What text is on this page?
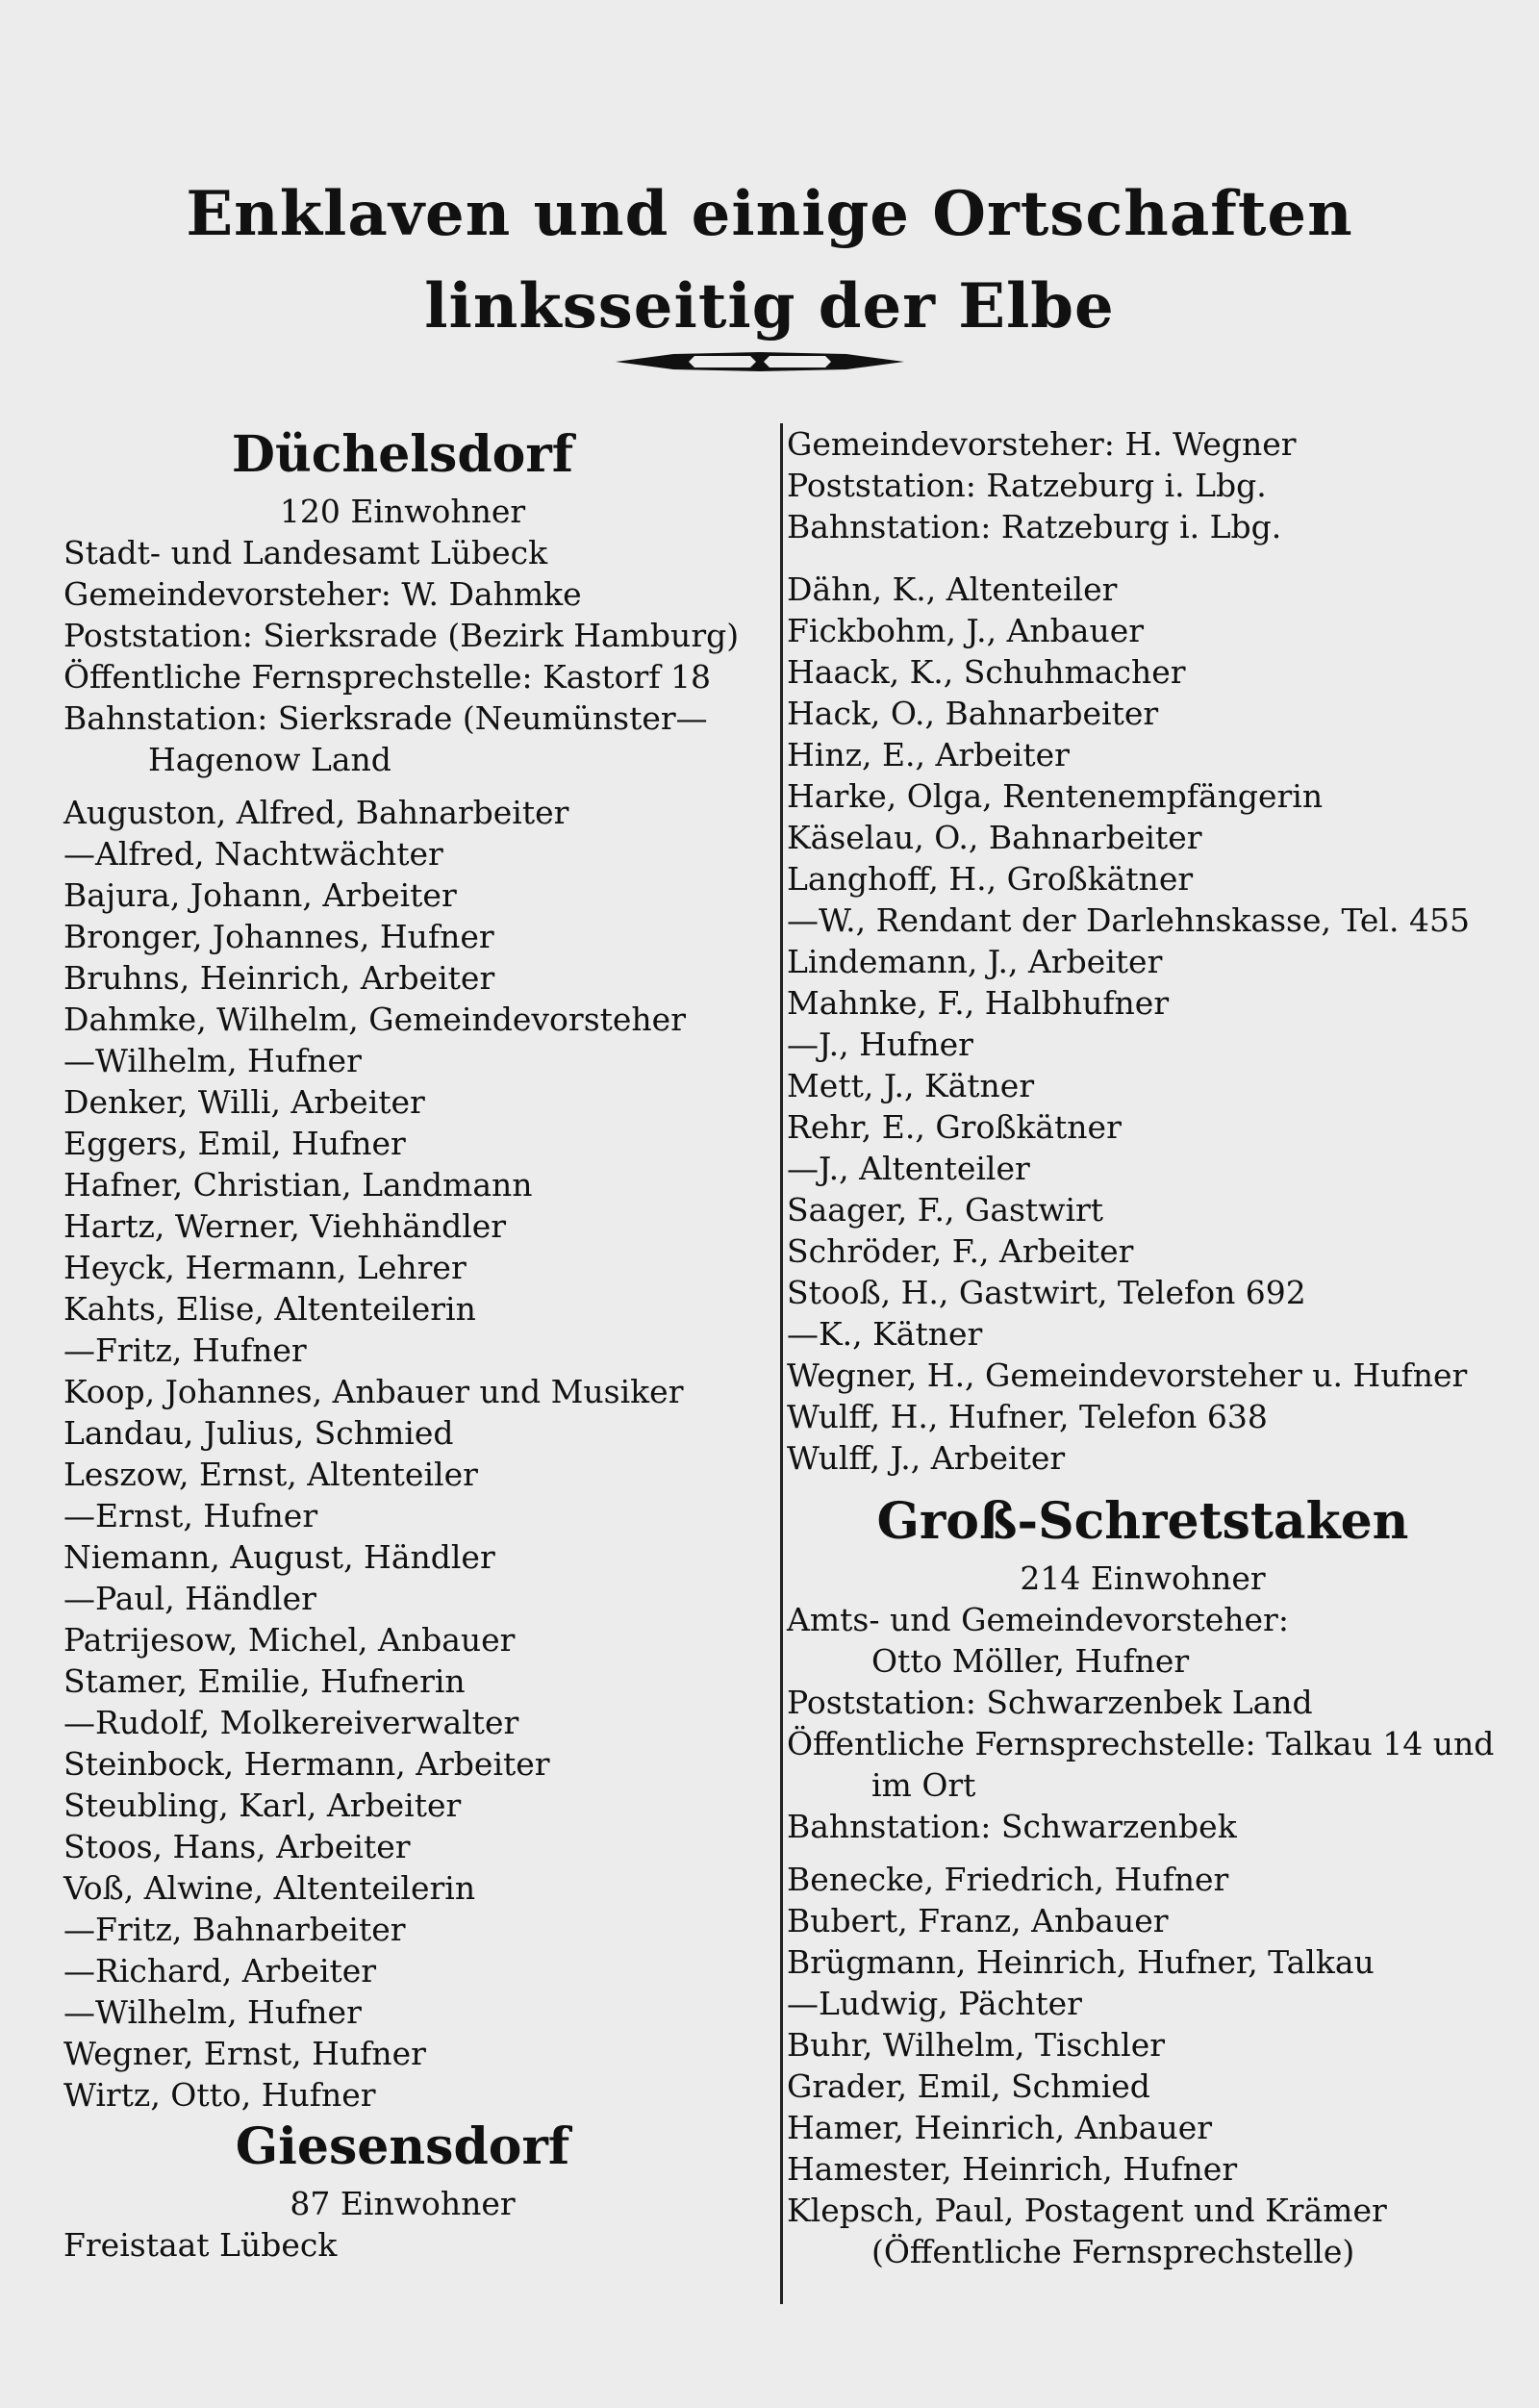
Enklaven und einige Ortschaften
linksseitig der Elbe
Düchelsdorf
120 Einwohner
Stadt- und Landesamt Lübeck
Gemeindevorsteher: W. Dahmke
Poststation: Sierksrade (Bezirk Hamburg)
Öffentliche Fernsprechstelle: Kastorf 18
Bahnstation: Sierksrade (Neumünster—
Hagenow Land
Auguston, Alfred, Bahnarbeiter
—Alfred, Nachtwächter
Bajura, Johann, Arbeiter
Bronger, Johannes, Hufner
Bruhns, Heinrich, Arbeiter
Dahmke, Wilhelm, Gemeindevorsteher
—Wilhelm, Hufner
Denker, Willi, Arbeiter
Eggers, Emil, Hufner
Hafner, Christian, Landmann
Hartz, Werner, Viehhändler
Heyck, Hermann, Lehrer
Kahts, Elise, Altenteilerin
—Fritz, Hufner
Koop, Johannes, Anbauer und Musiker
Landau, Julius, Schmied
Leszow, Ernst, Altenteiler
—Ernst, Hufner
Niemann, August, Händler
—Paul, Händler
Patrijesow, Michel, Anbauer
Stamer, Emilie, Hufnerin
—Rudolf, Molkereiverwalter
Steinbock, Hermann, Arbeiter
Steubling, Karl, Arbeiter
Stoos, Hans, Arbeiter
Voß, Alwine, Altenteilerin
—Fritz, Bahnarbeiter
—Richard, Arbeiter
—Wilhelm, Hufner
Wegner, Ernst, Hufner
Wirtz, Otto, Hufner
Giesensdorf
87 Einwohner
Freistaat Lübeck
Gemeindevorsteher: H. Wegner
Poststation: Ratzeburg i. Lbg.
Bahnstation: Ratzeburg i. Lbg.
Dähn, K., Altenteiler
Fickbohm, J., Anbauer
Haack, K., Schuhmacher
Hack, O., Bahnarbeiter
Hinz, E., Arbeiter
Harke, Olga, Rentenempfängerin
Käselau, O., Bahnarbeiter
Langhoff, H., Großkätner
—W., Rendant der Darlehnskasse, Tel. 455
Lindemann, J., Arbeiter
Mahnke, F., Halbhufner
—J., Hufner
Mett, J., Kätner
Rehr, E., Großkätner
—J., Altenteiler
Saager, F., Gastwirt
Schröder, F., Arbeiter
Stooß, H., Gastwirt, Telefon 692
—K., Kätner
Wegner, H., Gemeindevorsteher u. Hufner
Wulff, H., Hufner, Telefon 638
Wulff, J., Arbeiter
Groß-Schretstaken
214 Einwohner
Amts- und Gemeindevorsteher:
Otto Möller, Hufner
Poststation: Schwarzenbek Land
Öffentliche Fernsprechstelle: Talkau 14 und
im Ort
Bahnstation: Schwarzenbek
Benecke, Friedrich, Hufner
Bubert, Franz, Anbauer
Brügmann, Heinrich, Hufner, Talkau
—Ludwig, Pächter
Buhr, Wilhelm, Tischler
Grader, Emil, Schmied
Hamer, Heinrich, Anbauer
Hamester, Heinrich, Hufner
Klepsch, Paul, Postagent und Krämer
(Öffentliche Fernsprechstelle)
